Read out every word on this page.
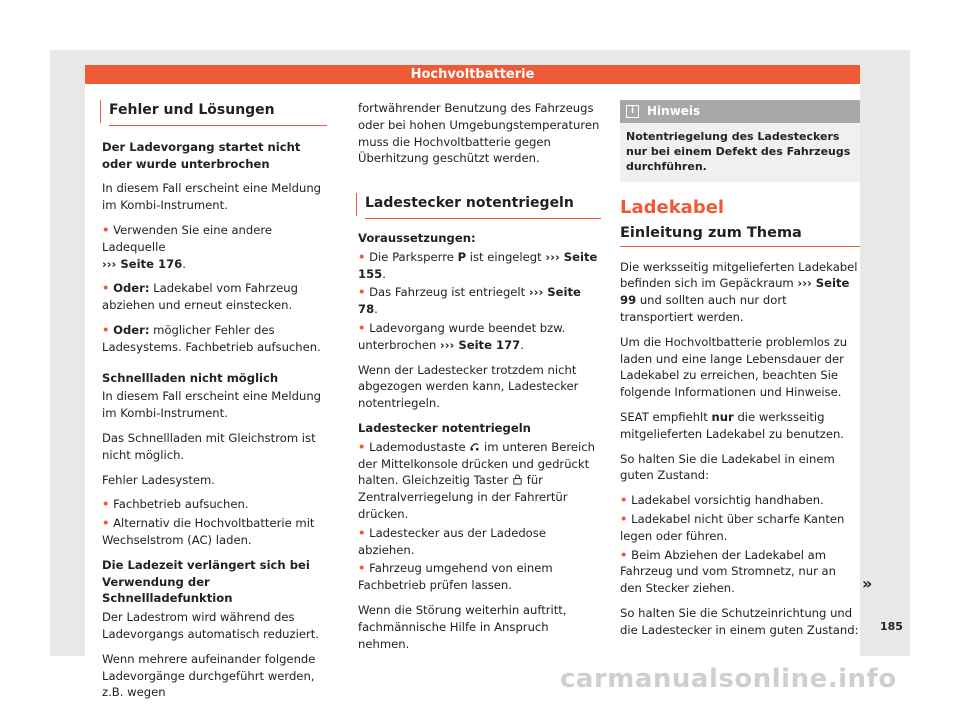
Hochvoltbatterie
Fehler und Lösungen

Der Ladevorgang startet nicht oder wurde unterbrochen

In diesem Fall erscheint eine Meldung im Kombi-Instrument.

• Verwenden Sie eine andere Ladequelle
››› Seite 176.

• Oder: Ladekabel vom Fahrzeug abziehen und erneut einstecken.

• Oder: möglicher Fehler des Ladesystems. Fachbetrieb aufsuchen.

Schnellladen nicht möglich

In diesem Fall erscheint eine Meldung im Kombi-Instrument.

Das Schnellladen mit Gleichstrom ist nicht möglich.

Fehler Ladesystem.

• Fachbetrieb aufsuchen.

• Alternativ die Hochvoltbatterie mit Wechselstrom (AC) laden.

Die Ladezeit verlängert sich bei Verwendung der Schnellladefunktion

Der Ladestrom wird während des Ladevorgangs automatisch reduziert.

Wenn mehrere aufeinander folgende Ladevorgänge durchgeführt werden, z.B. wegen

fortwährender Benutzung des Fahrzeugs oder bei hohen Umgebungstemperaturen muss die Hochvoltbatterie gegen Überhitzung geschützt werden.

Ladestecker notentriegeln

Voraussetzungen:

• Die Parksperre P ist eingelegt ››› Seite 155.

• Das Fahrzeug ist entriegelt ››› Seite 78.

• Ladevorgang wurde beendet bzw. unterbrochen ››› Seite 177.

Wenn der Ladestecker trotzdem nicht abgezogen werden kann, Ladestecker notentriegeln.

Ladestecker notentriegeln

• Lademodustaste im unteren Bereich der Mittelkonsole drücken und gedrückt halten. Gleichzeitig Taster für Zentralverriegelung in der Fahrertür drücken.

• Ladestecker aus der Ladedose abziehen.

• Fahrzeug umgehend von einem Fachbetrieb prüfen lassen.

Wenn die Störung weiterhin auftritt, fachmännische Hilfe in Anspruch nehmen.

i Hinweis
Notentriegelung des Ladesteckers nur bei einem Defekt des Fahrzeugs durchführen.
Ladekabel
Einleitung zum Thema

Die werksseitig mitgelieferten Ladekabel befinden sich im Gepäckraum ››› Seite 99 und sollten auch nur dort transportiert werden.

Um die Hochvoltbatterie problemlos zu laden und eine lange Lebensdauer der Ladekabel zu erreichen, beachten Sie folgende Informationen und Hinweise.

SEAT empfiehlt nur die werksseitig mitgelieferten Ladekabel zu benutzen.

So halten Sie die Ladekabel in einem guten Zustand:

• Ladekabel vorsichtig handhaben.

• Ladekabel nicht über scharfe Kanten legen oder führen.

• Beim Abziehen der Ladekabel am Fahrzeug und vom Stromnetz, nur an den Stecker ziehen.

So halten Sie die Schutzeinrichtung und die Ladestecker in einem guten Zustand:

»
185
carmanualsonline.info
